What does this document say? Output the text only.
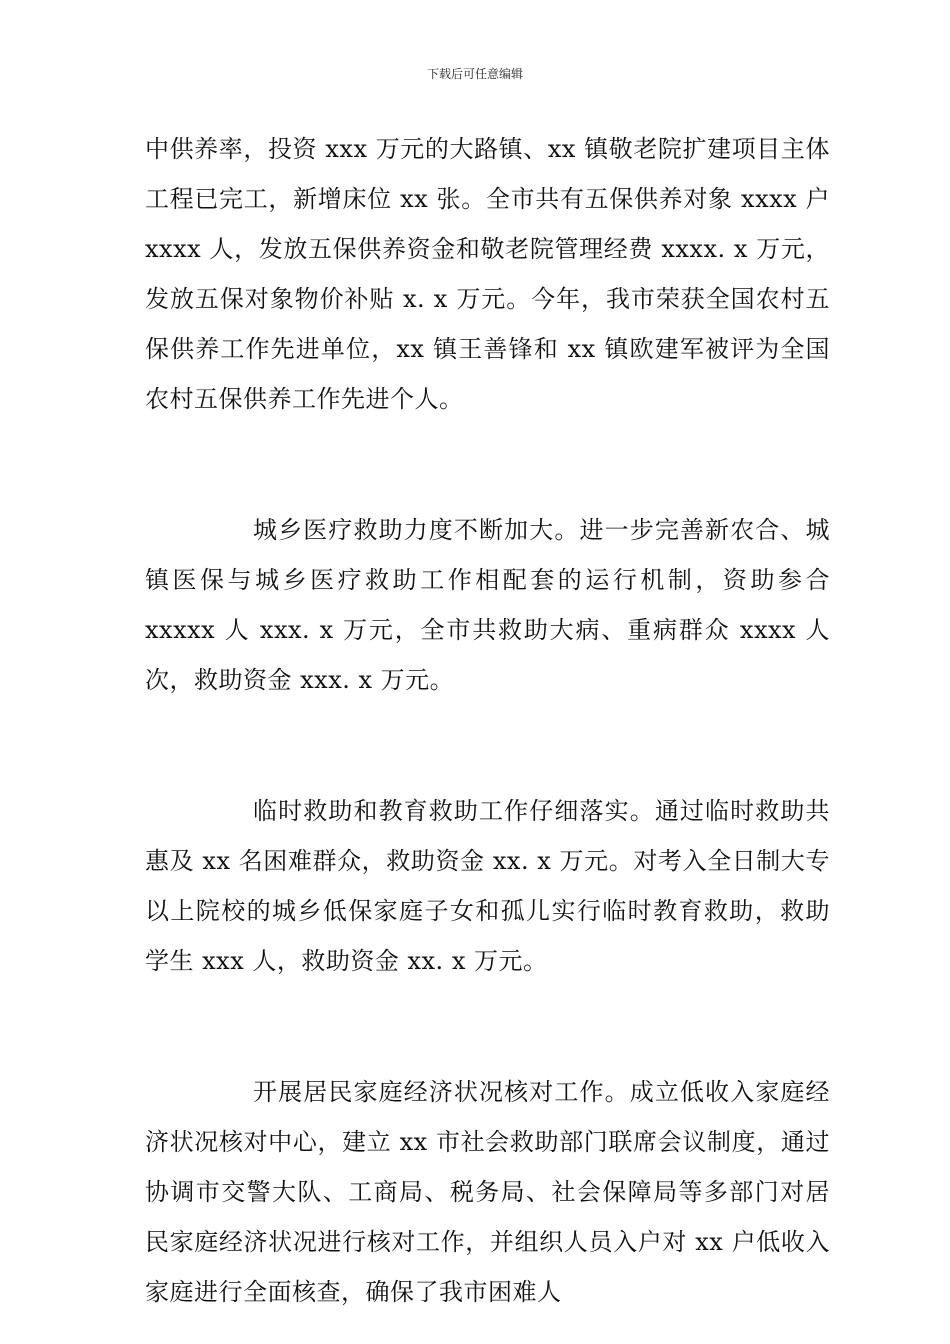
下载后可任意编辑

中供养率，投资 xxx 万元的大路镇、xx 镇敬老院扩建项目主体工程已完工，新增床位 xx 张。全市共有五保供养对象 xxxx 户 xxxx 人，发放五保供养资金和敬老院管理经费 xxxx. x 万元，发放五保对象物价补贴 x. x 万元。今年，我市荣获全国农村五保供养工作先进单位，xx 镇王善锋和 xx 镇欧建军被评为全国农村五保供养工作先进个人。

城乡医疗救助力度不断加大。进一步完善新农合、城镇医保与城乡医疗救助工作相配套的运行机制，资助参合 xxxxx 人 xxx. x 万元，全市共救助大病、重病群众 xxxx 人次，救助资金 xxx. x 万元。

临时救助和教育救助工作仔细落实。通过临时救助共惠及 xx 名困难群众，救助资金 xx. x 万元。对考入全日制大专以上院校的城乡低保家庭子女和孤儿实行临时教育救助，救助学生 xxx 人，救助资金 xx. x 万元。

开展居民家庭经济状况核对工作。成立低收入家庭经济状况核对中心，建立 xx 市社会救助部门联席会议制度，通过协调市交警大队、工商局、税务局、社会保障局等多部门对居民家庭经济状况进行核对工作，并组织人员入户对 xx 户低收入家庭进行全面核查，确保了我市困难人
